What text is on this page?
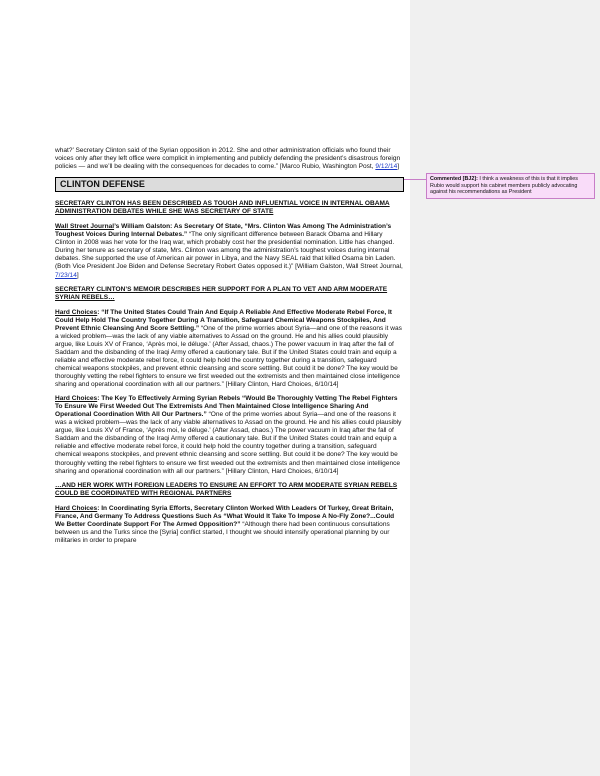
what?’ Secretary Clinton said of the Syrian opposition in 2012. She and other administration officials who found their voices only after they left office were complicit in implementing and publicly defending the president’s disastrous foreign policies — and we’ll be dealing with the consequences for decades to come.” [Marco Rubio, Washington Post, 9/12/14]

CLINTON DEFENSE

SECRETARY CLINTON HAS BEEN DESCRIBED AS TOUGH AND INFLUENTIAL VOICE IN INTERNAL OBAMA ADMINISTRATION DEBATES WHILE SHE WAS SECRETARY OF STATE

Wall Street Journal’s William Galston: As Secretary Of State, “Mrs. Clinton Was Among The Administration’s Toughest Voices During Internal Debates.” “The only significant difference between Barack Obama and Hillary Clinton in 2008 was her vote for the Iraq war, which probably cost her the presidential nomination. Little has changed. During her tenure as secretary of state, Mrs. Clinton was among the administration’s toughest voices during internal debates. She supported the use of American air power in Libya, and the Navy SEAL raid that killed Osama bin Laden. (Both Vice President Joe Biden and Defense Secretary Robert Gates opposed it.)” [William Galston, Wall Street Journal, 7/23/14]

SECRETARY CLINTON’S MEMOIR DESCRIBES HER SUPPORT FOR A PLAN TO VET AND ARM MODERATE SYRIAN REBELS…

Hard Choices: “If The United States Could Train And Equip A Reliable And Effective Moderate Rebel Force, It Could Help Hold The Country Together During A Transition, Safeguard Chemical Weapons Stockpiles, And Prevent Ethnic Cleansing And Score Settling.” “One of the prime worries about Syria—and one of the reasons it was a wicked problem—was the lack of any viable alternatives to Assad on the ground. He and his allies could plausibly argue, like Louis XV of France, ‘Après moi, le déluge.’ (After Assad, chaos.) The power vacuum in Iraq after the fall of Saddam and the disbanding of the Iraqi Army offered a cautionary tale. But if the United States could train and equip a reliable and effective moderate rebel force, it could help hold the country together during a transition, safeguard chemical weapons stockpiles, and prevent ethnic cleansing and score settling. But could it be done? The key would be thoroughly vetting the rebel fighters to ensure we first weeded out the extremists and then maintained close intelligence sharing and operational coordination with all our partners.” [Hillary Clinton, Hard Choices, 6/10/14]

Hard Choices: The Key To Effectively Arming Syrian Rebels “Would Be Thoroughly Vetting The Rebel Fighters To Ensure We First Weeded Out The Extremists And Then Maintained Close Intelligence Sharing And Operational Coordination With All Our Partners.” “One of the prime worries about Syria—and one of the reasons it was a wicked problem—was the lack of any viable alternatives to Assad on the ground. He and his allies could plausibly argue, like Louis XV of France, ‘Après moi, le déluge.’ (After Assad, chaos.) The power vacuum in Iraq after the fall of Saddam and the disbanding of the Iraqi Army offered a cautionary tale. But if the United States could train and equip a reliable and effective moderate rebel force, it could help hold the country together during a transition, safeguard chemical weapons stockpiles, and prevent ethnic cleansing and score settling. But could it be done? The key would be thoroughly vetting the rebel fighters to ensure we first weeded out the extremists and then maintained close intelligence sharing and operational coordination with all our partners.” [Hillary Clinton, Hard Choices, 6/10/14]

…AND HER WORK WITH FOREIGN LEADERS TO ENSURE AN EFFORT TO ARM MODERATE SYRIAN REBELS COULD BE COORDINATED WITH REGIONAL PARTNERS

Hard Choices: In Coordinating Syria Efforts, Secretary Clinton Worked With Leaders Of Turkey, Great Britain, France, And Germany To Address Questions Such As “What Would It Take To Impose A No-Fly Zone?...Could We Better Coordinate Support For The Armed Opposition?” “Although there had been continuous consultations between us and the Turks since the [Syria] conflict started, I thought we should intensify operational planning by our militaries in order to prepare

Commented [BJ2]: I think a weakness of this is that it implies Rubio would support his cabinet members publicly advocating against his recommendations as President
